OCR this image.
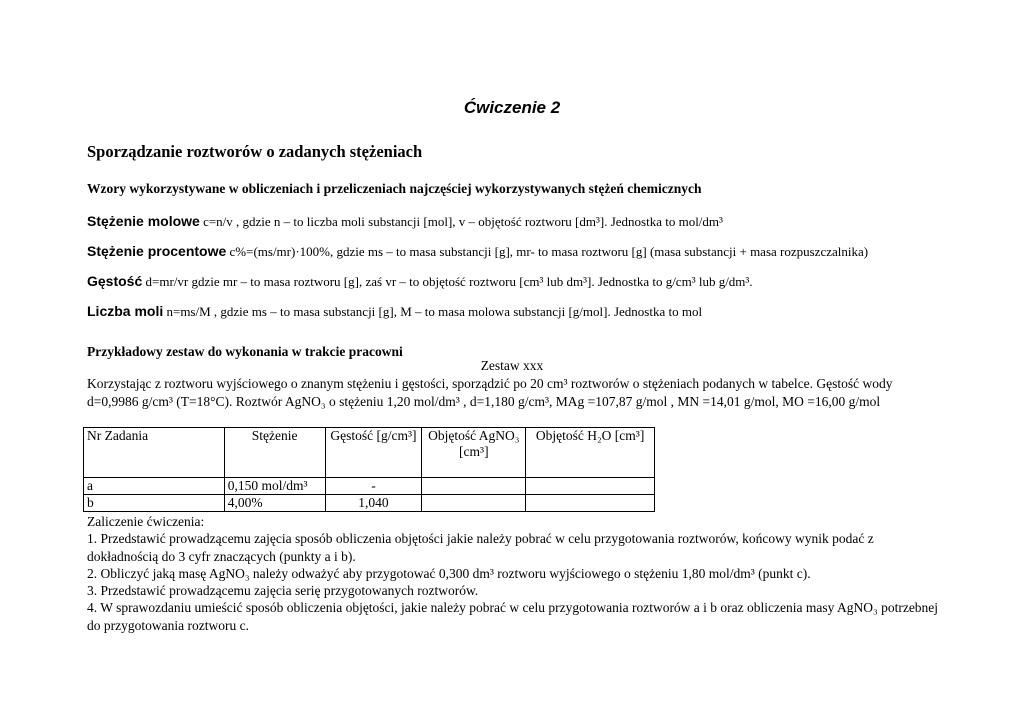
Ćwiczenie 2
Sporządzanie roztworów o zadanych stężeniach
Wzory wykorzystywane w obliczeniach i przeliczeniach najczęściej wykorzystywanych stężeń chemicznych
Stężenie molowe c=n/v , gdzie n – to liczba moli substancji [mol], v – objętość roztworu [dm³]. Jednostka to mol/dm³
Stężenie procentowe c%=(ms/mr)·100%, gdzie ms – to masa substancji [g], mr- to masa roztworu [g] (masa substancji + masa rozpuszczalnika)
Gęstość d=mr/vr gdzie mr – to masa roztworu [g], zaś vr – to objętość roztworu [cm³ lub dm³]. Jednostka to g/cm³ lub g/dm³.
Liczba moli n=ms/M , gdzie ms – to masa substancji [g], M – to masa molowa substancji [g/mol]. Jednostka to mol
Przykładowy zestaw do wykonania w trakcie pracowni
Zestaw xxx
Korzystając z roztworu wyjściowego o znanym stężeniu i gęstości, sporządzić po 20 cm³ roztworów o stężeniach podanych w tabelce. Gęstość wody d=0,9986 g/cm³ (T=18°C). Roztwór AgNO₃ o stężeniu 1,20 mol/dm³ , d=1,180 g/cm³, MAg =107,87 g/mol , MN =14,01 g/mol, MO =16,00 g/mol
Nr Zadania	Stężenie	Gęstość [g/cm³]	Objętość AgNO₃ [cm³]	Objętość H₂O [cm³]
a	0,150 mol/dm³	-		
b	4,00%	1,040		
Zaliczenie ćwiczenia:
1. Przedstawić prowadzącemu zajęcia sposób obliczenia objętości jakie należy pobrać w celu przygotowania roztworów, końcowy wynik podać z dokładnością do 3 cyfr znaczących (punkty a i b).
2. Obliczyć jaką masę AgNO₃ należy odważyć aby przygotować 0,300 dm³ roztworu wyjściowego o stężeniu 1,80 mol/dm³ (punkt c).
3. Przedstawić prowadzącemu zajęcia serię przygotowanych roztworów.
4. W sprawozdaniu umieścić sposób obliczenia objętości, jakie należy pobrać w celu przygotowania roztworów a i b oraz obliczenia masy AgNO₃ potrzebnej do przygotowania roztworu c.
